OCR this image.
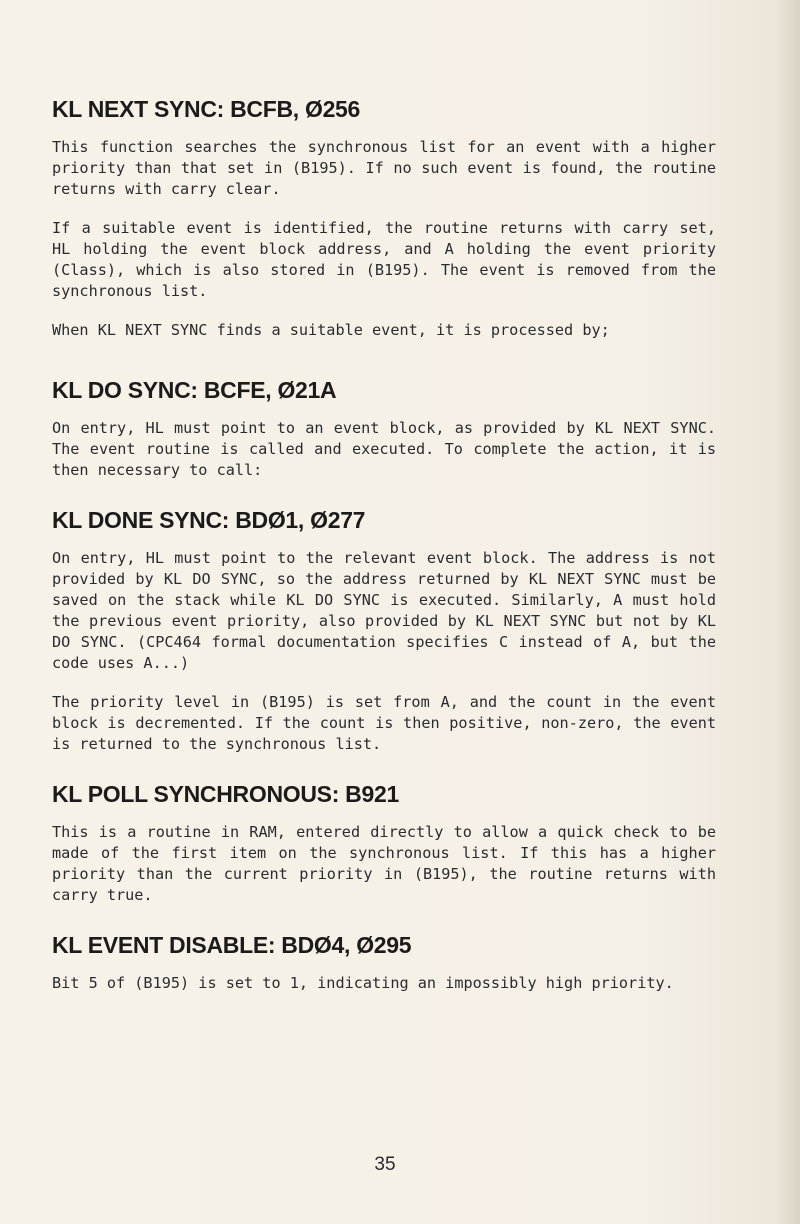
KL NEXT SYNC: BCFB, Ø256

This function searches the synchronous list for an event with a higher priority than that set in (B195). If no such event is found, the routine returns with carry clear.

If a suitable event is identified, the routine returns with carry set, HL holding the event block address, and A holding the event priority (Class), which is also stored in (B195). The event is removed from the synchronous list.

When KL NEXT SYNC finds a suitable event, it is processed by;

KL DO SYNC: BCFE, Ø21A

On entry, HL must point to an event block, as provided by KL NEXT SYNC. The event routine is called and executed. To complete the action, it is then necessary to call:

KL DONE SYNC: BDØ1, Ø277

On entry, HL must point to the relevant event block. The address is not provided by KL DO SYNC, so the address returned by KL NEXT SYNC must be saved on the stack while KL DO SYNC is executed. Similarly, A must hold the previous event priority, also provided by KL NEXT SYNC but not by KL DO SYNC. (CPC464 formal documentation specifies C instead of A, but the code uses A...)

The priority level in (B195) is set from A, and the count in the event block is decremented. If the count is then positive, non-zero, the event is returned to the synchronous list.

KL POLL SYNCHRONOUS: B921

This is a routine in RAM, entered directly to allow a quick check to be made of the first item on the synchronous list. If this has a higher priority than the current priority in (B195), the routine returns with carry true.

KL EVENT DISABLE: BDØ4, Ø295

Bit 5 of (B195) is set to 1, indicating an impossibly high priority.

35
